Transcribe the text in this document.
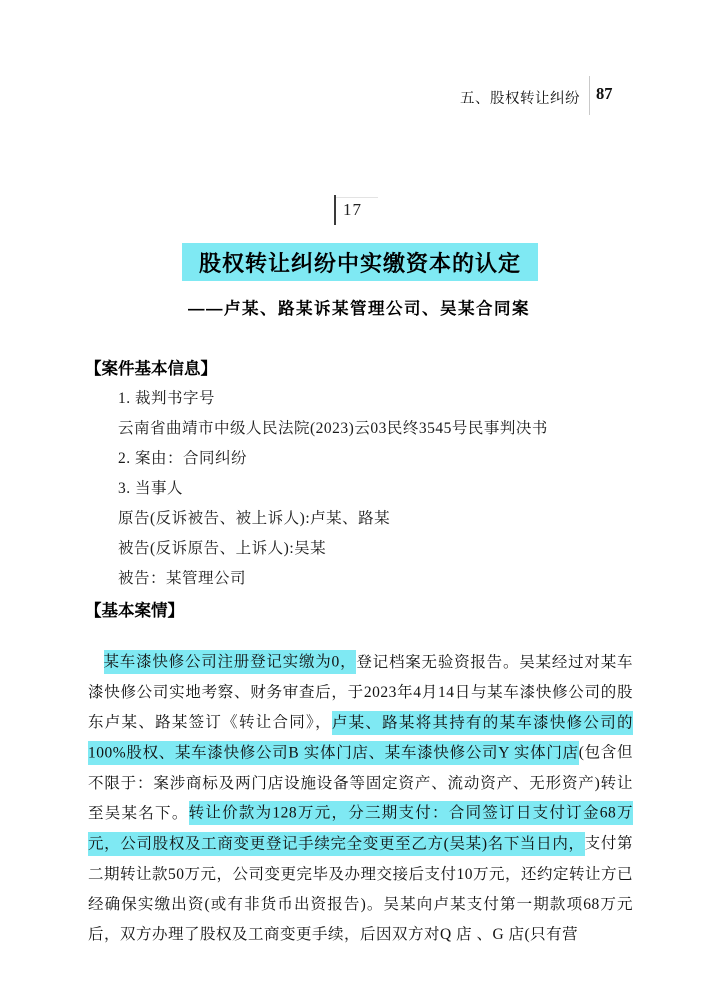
五、股权转让纠纷 87
17
股权转让纠纷中实缴资本的认定
——卢某、路某诉某管理公司、吴某合同案
【案件基本信息】
1. 裁判书字号
云南省曲靖市中级人民法院(2023)云03民终3545号民事判决书
2. 案由：合同纠纷
3. 当事人
原告(反诉被告、被上诉人):卢某、路某
被告(反诉原告、上诉人):吴某
被告：某管理公司
【基本案情】

某车漆快修公司注册登记实缴为0，登记档案无验资报告。吴某经过对某车漆快修公司实地考察、财务审查后，于2023年4月14日与某车漆快修公司的股东卢某、路某签订《转让合同》，卢某、路某将其持有的某车漆快修公司的100%股权、某车漆快修公司B 实体门店、某车漆快修公司Y 实体门店(包含但不限于：案涉商标及两门店设施设备等固定资产、流动资产、无形资产)转让至吴某名下。转让价款为128万元，分三期支付：合同签订日支付订金68万元，公司股权及工商变更登记手续完全变更至乙方(吴某)名下当日内，支付第二期转让款50万元，公司变更完毕及办理交接后支付10万元，还约定转让方已经确保实缴出资(或有非货币出资报告)。吴某向卢某支付第一期款项68万元后，双方办理了股权及工商变更手续，后因双方对Q 店 、G 店(只有营
